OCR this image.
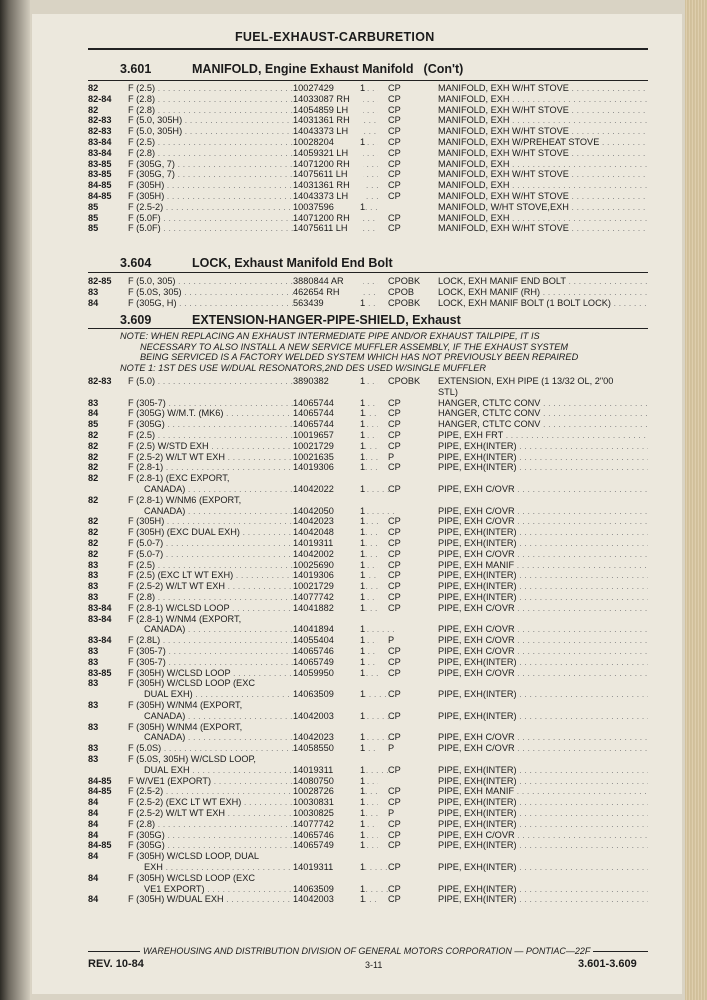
FUEL-EXHAUST-CARBURETION
3.601	MANIFOLD, Engine Exhaust Manifold (Con't)
3.604	LOCK, Exhaust Manifold End Bolt
3.609	EXTENSION-HANGER-PIPE-SHIELD, Exhaust
NOTE: WHEN REPLACING AN EXHAUST INTERMEDIATE PIPE AND/OR EXHAUST TAILPIPE, IT IS
NECESSARY TO ALSO INSTALL A NEW SERVICE MUFFLER ASSEMBLY, IF THE EXHAUST SYSTEM
BEING SERVICED IS A FACTORY WELDED SYSTEM WHICH HAS NOT PREVIOUSLY BEEN REPAIRED
NOTE 1: 1ST DES USE W/DUAL RESONATORS,2ND DES USED W/SINGLE MUFFLER
82	F (2.5) . . .	10027429	1	CP	MANIFOLD, EXH W/HT STOVE . . .
82-84	F (2.8) . . .	14033087 RH	CP	MANIFOLD, EXH . . .
82	F (2.8) . . .	14054859 LH	CP	MANIFOLD, EXH W/HT STOVE . . .
82-83	F (5.0, 305H) . . .	14031361 RH	CP	MANIFOLD, EXH . . .
82-83	F (5.0, 305H) . . .	14043373 LH	CP	MANIFOLD, EXH W/HT STOVE . . .
83-84	F (2.5) . . .	10028204	1	CP	MANIFOLD, EXH W/PREHEAT STOVE . . .
83-84	F (2.8) . . .	14059321 LH	CP	MANIFOLD, EXH W/HT STOVE . . .
83-85	F (305G, 7) . . .	14071200 RH	CP	MANIFOLD, EXH . . .
83-85	F (305G, 7) . . .	14075611 LH	CP	MANIFOLD, EXH W/HT STOVE . . .
84-85	F (305H) . . .	14031361 RH	CP	MANIFOLD, EXH . . .
84-85	F (305H) . . .	14043373 LH	CP	MANIFOLD, EXH W/HT STOVE . . .
85	F (2.5-2) . . .	10037596	1	MANIFOLD, W/HT STOVE,EXH . . .
85	F (5.0F) . . .	14071200 RH	CP	MANIFOLD, EXH . . .
85	F (5.0F) . . .	14075611 LH	CP	MANIFOLD, EXH W/HT STOVE . . .
82-85	F (5.0, 305) . . .	3880844 AR	CPOBK	LOCK, EXH MANIF END BOLT . . .
83	F (5.0S, 305) . . .	462654 RH	CPOB	LOCK, EXH MANIF (RH) . . .
84	F (305G, H) . . .	563439	1	CPOBK	LOCK, EXH MANIF BOLT (1 BOLT LOCK) . . .
82-83	F (5.0) . . .	3890382	1	CPOBK	EXTENSION, EXH PIPE (1 13/32 OL, 2"00
STL)
83	F (305-7) . . .	14065744	1	CP	HANGER, CTLTC CONV . . .
84	F (305G) W/M.T. (MK6) . . .	14065744	1	CP	HANGER, CTLTC CONV . . .
85	F (305G) . . .	14065744	1	CP	HANGER, CTLTC CONV . . .
82	F (2.5) . . .	10019657	1	CP	PIPE, EXH FRT . . .
82	F (2.5) W/STD EXH . . .	10021729	1	CP	PIPE, EXH(INTER) . . .
82	F (2.5-2) W/LT WT EXH . . .	10021635	1	P	PIPE, EXH(INTER) . . .
82	F (2.8-1) . . .	14019306	1	CP	PIPE, EXH(INTER) . . .
82	F (2.8-1) (EXC EXPORT,
CANADA) . . .	14042022	1	CP	PIPE, EXH C/OVR . . .
82	F (2.8-1) W/NM6 (EXPORT,
CANADA) . . .	14042050	1	PIPE, EXH C/OVR . . .
82	F (305H) . . .	14042023	1	CP	PIPE, EXH C/OVR . . .
82	F (305H) (EXC DUAL EXH) . . .	14042048	1	CP	PIPE, EXH(INTER) . . .
82	F (5.0-7) . . .	14019311	1	CP	PIPE, EXH(INTER) . . .
82	F (5.0-7) . . .	14042002	1	CP	PIPE, EXH C/OVR . . .
83	F (2.5) . . .	10025690	1	CP	PIPE, EXH MANIF . . .
83	F (2.5) (EXC LT WT EXH) . . .	14019306	1	CP	PIPE, EXH(INTER) . . .
83	F (2.5-2) W/LT WT EXH . . .	10021729	1	CP	PIPE, EXH(INTER) . . .
83	F (2.8) . . .	14077742	1	CP	PIPE, EXH(INTER) . . .
83-84	F (2.8-1) W/CLSD LOOP . . .	14041882	1	CP	PIPE, EXH C/OVR . . .
83-84	F (2.8-1) W/NM4 (EXPORT,
CANADA) . . .	14041894	1	PIPE, EXH C/OVR . . .
83-84	F (2.8L) . . .	14055404	1	P	PIPE, EXH C/OVR . . .
83	F (305-7) . . .	14065746	1	CP	PIPE, EXH C/OVR . . .
83	F (305-7) . . .	14065749	1	CP	PIPE, EXH(INTER) . . .
83-85	F (305H) W/CLSD LOOP . . .	14059950	1	CP	PIPE, EXH C/OVR . . .
83	F (305H) W/CLSD LOOP (EXC
DUAL EXH) . . .	14063509	1	CP	PIPE, EXH(INTER) . . .
83	F (305H) W/NM4 (EXPORT,
CANADA) . . .	14042003	1	CP	PIPE, EXH(INTER) . . .
83	F (305H) W/NM4 (EXPORT,
CANADA) . . .	14042023	1	CP	PIPE, EXH C/OVR . . .
83	F (5.0S) . . .	14058550	1	P	PIPE, EXH C/OVR . . .
83	F (5.0S, 305H) W/CLSD LOOP,
DUAL EXH . . .	14019311	1	CP	PIPE, EXH(INTER) . . .
84-85	F W/VE1 (EXPORT) . . .	14080750	1	PIPE, EXH(INTER) . . .
84-85	F (2.5-2) . . .	10028726	1	CP	PIPE, EXH MANIF . . .
84	F (2.5-2) (EXC LT WT EXH) . . .	10030831	1	CP	PIPE, EXH(INTER) . . .
84	F (2.5-2) W/LT WT EXH . . .	10030825	1	P	PIPE, EXH(INTER) . . .
84	F (2.8) . . .	14077742	1	CP	PIPE, EXH(INTER) . . .
84	F (305G) . . .	14065746	1	CP	PIPE, EXH C/OVR . . .
84-85	F (305G) . . .	14065749	1	CP	PIPE, EXH(INTER) . . .
84	F (305H) W/CLSD LOOP, DUAL
EXH . . .	14019311	1	CP	PIPE, EXH(INTER) . . .
84	F (305H) W/CLSD LOOP (EXC
VE1 EXPORT) . . .	14063509	1	CP	PIPE, EXH(INTER) . . .
84	F (305H) W/DUAL EXH . . .	14042003	1	CP	PIPE, EXH(INTER) . . .
WAREHOUSING AND DISTRIBUTION DIVISION OF GENERAL MOTORS CORPORATION — PONTIAC—22F
REV. 10-84	3-11	3.601-3.609
